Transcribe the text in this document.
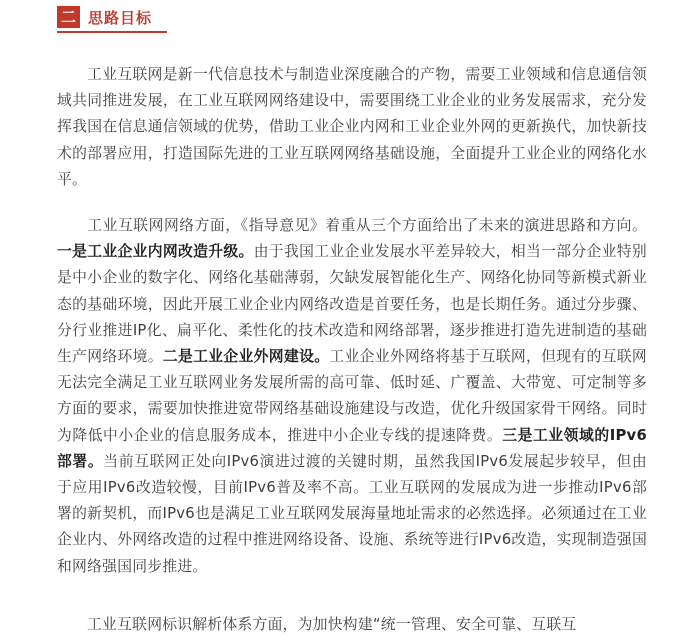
二 思路目标

工业互联网是新一代信息技术与制造业深度融合的产物，需要工业领域和信息通信领域共同推进发展，在工业互联网网络建设中，需要围绕工业企业的业务发展需求，充分发挥我国在信息通信领域的优势，借助工业企业内网和工业企业外网的更新换代，加快新技术的部署应用，打造国际先进的工业互联网网络基础设施，全面提升工业企业的网络化水平。

工业互联网网络方面，《指导意见》着重从三个方面给出了未来的演进思路和方向。一是工业企业内网改造升级。由于我国工业企业发展水平差异较大，相当一部分企业特别是中小企业的数字化、网络化基础薄弱，欠缺发展智能化生产、网络化协同等新模式新业态的基础环境，因此开展工业企业内网络改造是首要任务，也是长期任务。通过分步骤、分行业推进IP化、扁平化、柔性化的技术改造和网络部署，逐步推进打造先进制造的基础生产网络环境。二是工业企业外网建设。工业企业外网络将基于互联网，但现有的互联网无法完全满足工业互联网业务发展所需的高可靠、低时延、广覆盖、大带宽、可定制等多方面的要求，需要加快推进宽带网络基础设施建设与改造，优化升级国家骨干网络。同时为降低中小企业的信息服务成本，推进中小企业专线的提速降费。三是工业领域的IPv6部署。当前互联网正处向IPv6演进过渡的关键时期，虽然我国IPv6发展起步较早，但由于应用IPv6改造较慢，目前IPv6普及率不高。工业互联网的发展成为进一步推动IPv6部署的新契机，而IPv6也是满足工业互联网发展海量地址需求的必然选择。必须通过在工业企业内、外网络改造的过程中推进网络设备、设施、系统等进行IPv6改造，实现制造强国和网络强国同步推进。

工业互联网标识解析体系方面，为加快构建“统一管理、安全可靠、互联互
